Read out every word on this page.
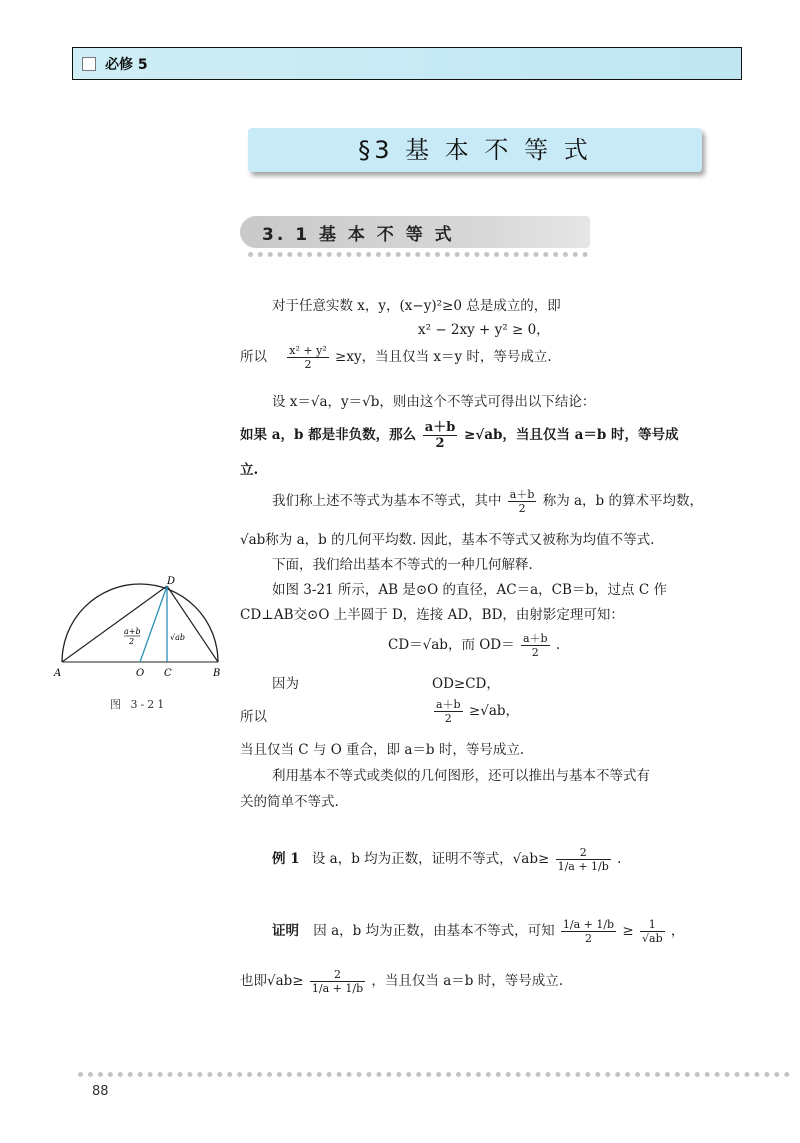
必修 5
§3 基 本 不 等 式
3. 1 基 本 不 等 式
对于任意实数 x，y，(x−y)²≥0 总是成立的，即
x² − 2xy + y² ≥ 0，
所以 $\frac{\text{x² + y²}}{2} \ge xy$，当且仅当 x＝y 时，等号成立.
设 x＝√a，y＝√b，则由这个不等式可得出以下结论：
如果 a，b 都是非负数，那么 $\frac{a+b}{2} \ge√ab$，当且仅当 a＝b 时，等号成
立.
我们称上述不等式为基本不等式，其中 $\frac{a+b}{2}$ 称为 a，b 的算术平均数，
√ab称为 a，b 的几何平均数. 因此，基本不等式又被称为均值不等式.
下面，我们给出基本不等式的一种几何解释.
如图 3-21 所示，AB 是⊙O 的直径，AC＝a，CB＝b，过点 C 作
CD⊥AB交⊙O 上半圆于 D，连接 AD，BD，由射影定理可知：
CD＝√ab，而 $OD= \frac{a+b}{2}$ .
因为	OD≥CD，
所以	$\frac{a+b}{2} \ge√ab$，
当且仅当 C 与 O 重合，即 a＝b 时，等号成立.
利用基本不等式或类似的几何图形，还可以推出与基本不等式有
关的简单不等式.
D
A	O C	B
a+b
2	√ab
图 3-21
例 1 设 a，b 均为正数，证明不等式，$√ab\ge \frac{2}{1/a + 1/b}$ .
证明 因 a，b 均为正数，由基本不等式，可知 $\frac{1/a + 1/b}{2} \ge \frac{1}{√ab}$ ，
也即$√ab\ge \frac{2}{1/a + 1/b}$ ，当且仅当 a＝b 时，等号成立.
88
